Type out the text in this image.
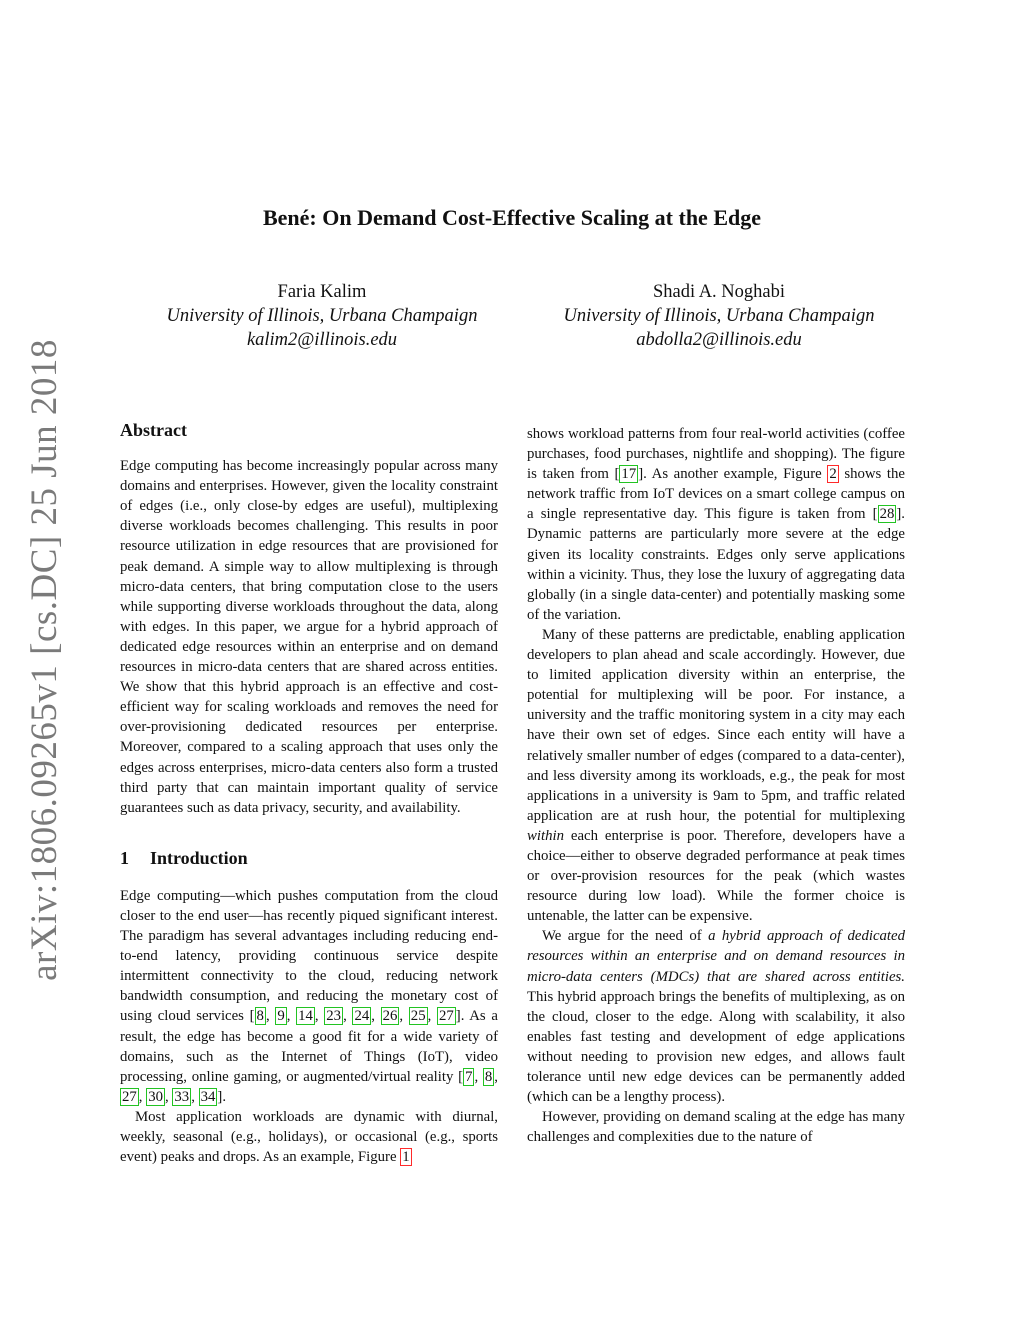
arXiv:1806.09265v1 [cs.DC] 25 Jun 2018
Bené: On Demand Cost-Effective Scaling at the Edge
Faria Kalim
University of Illinois, Urbana Champaign
kalim2@illinois.edu
Shadi A. Noghabi
University of Illinois, Urbana Champaign
abdolla2@illinois.edu
Abstract

Edge computing has become increasingly popular across many domains and enterprises. However, given the locality constraint of edges (i.e., only close-by edges are useful), multiplexing diverse workloads becomes challenging. This results in poor resource utilization in edge resources that are provisioned for peak demand. A simple way to allow multiplexing is through micro-data centers, that bring computation close to the users while supporting diverse workloads throughout the data, along with edges. In this paper, we argue for a hybrid approach of dedicated edge resources within an enterprise and on demand resources in micro-data centers that are shared across entities. We show that this hybrid approach is an effective and cost-efficient way for scaling workloads and removes the need for over-provisioning dedicated resources per enterprise. Moreover, compared to a scaling approach that uses only the edges across enterprises, micro-data centers also form a trusted third party that can maintain important quality of service guarantees such as data privacy, security, and availability.

1 Introduction

Edge computing—which pushes computation from the cloud closer to the end user—has recently piqued significant interest. The paradigm has several advantages including reducing end-to-end latency, providing continuous service despite intermittent connectivity to the cloud, reducing network bandwidth consumption, and reducing the monetary cost of using cloud services [ 8 , 9 , 14 , 23 , 24 , 26 , 25 , 27 ]. As a result, the edge has become a good fit for a wide variety of domains, such as the Internet of Things (IoT), video processing, online gaming, or augmented/virtual reality [ 7 , 8 , 27 , 30 , 33 , 34 ].

Most application workloads are dynamic with diurnal, weekly, seasonal (e.g., holidays), or occasional (e.g., sports event) peaks and drops. As an example, Figure 1

shows workload patterns from four real-world activities (coffee purchases, food purchases, nightlife and shopping). The figure is taken from [ 17 ]. As another example, Figure 2 shows the network traffic from IoT devices on a smart college campus on a single representative day. This figure is taken from [ 28 ]. Dynamic patterns are particularly more severe at the edge given its locality constraints. Edges only serve applications within a vicinity. Thus, they lose the luxury of aggregating data globally (in a single data-center) and potentially masking some of the variation.

Many of these patterns are predictable, enabling application developers to plan ahead and scale accordingly. However, due to limited application diversity within an enterprise, the potential for multiplexing will be poor. For instance, a university and the traffic monitoring system in a city may each have their own set of edges. Since each entity will have a relatively smaller number of edges (compared to a data-center), and less diversity among its workloads, e.g., the peak for most applications in a university is 9am to 5pm, and traffic related application are at rush hour, the potential for multiplexing within each enterprise is poor. Therefore, developers have a choice—either to observe degraded performance at peak times or over-provision resources for the peak (which wastes resource during low load). While the former choice is untenable, the latter can be expensive.

We argue for the need of a hybrid approach of dedicated resources within an enterprise and on demand resources in micro-data centers (MDCs) that are shared across entities. This hybrid approach brings the benefits of multiplexing, as on the cloud, closer to the edge. Along with scalability, it also enables fast testing and development of edge applications without needing to provision new edges, and allows fault tolerance until new edge devices can be permanently added (which can be a lengthy process).

However, providing on demand scaling at the edge has many challenges and complexities due to the nature of
